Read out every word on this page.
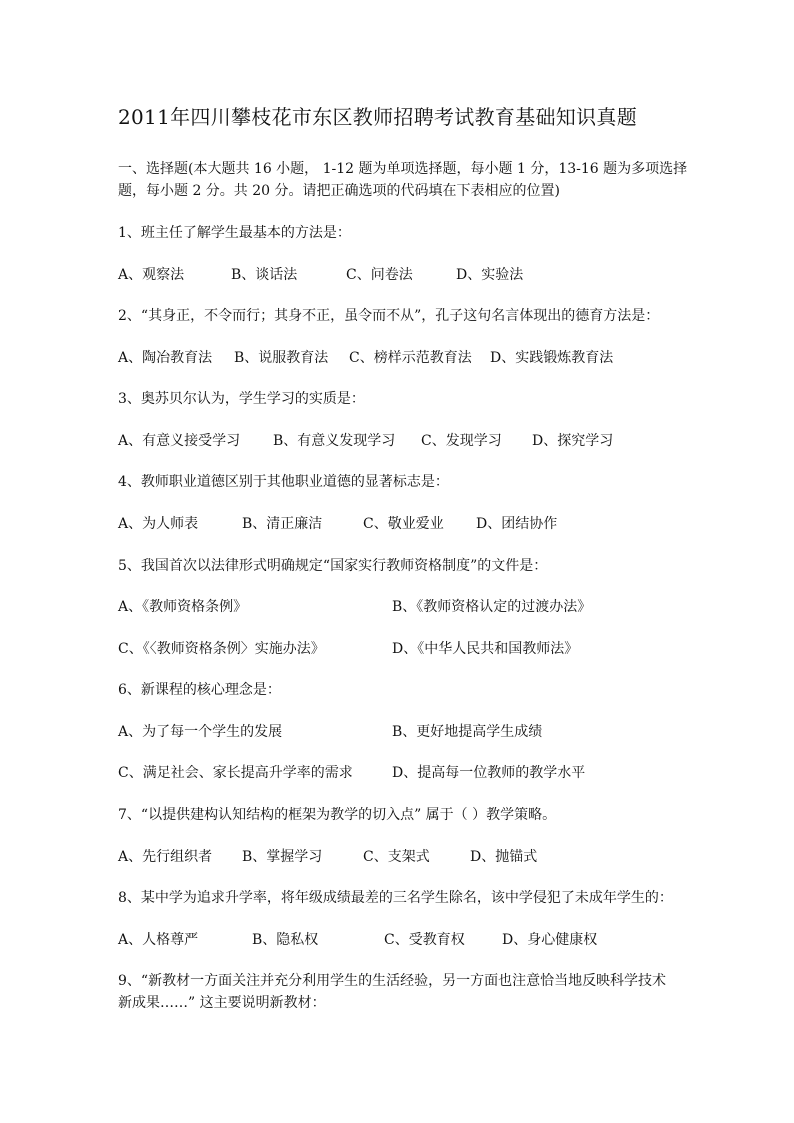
2011年四川攀枝花市东区教师招聘考试教育基础知识真题
一、选择题(本大题共 16 小题， 1-12 题为单项选择题，每小题 1 分，13-16 题为多项选择
题，每小题 2 分。共 20 分。请把正确选项的代码填在下表相应的位置)
1、班主任了解学生最基本的方法是：
A、观察法	B、谈话法	C、问卷法	D、实验法
2、“其身正，不令而行；其身不正，虽令而不从”，孔子这句名言体现出的德育方法是：
A、陶冶教育法 B、说服教育法 C、榜样示范教育法 D、实践锻炼教育法
3、奥苏贝尔认为，学生学习的实质是：
A、有意义接受学习 B、有意义发现学习 C、发现学习 D、探究学习
4、教师职业道德区别于其他职业道德的显著标志是：
A、为人师表	B、清正廉洁	C、敬业爱业 D、团结协作
5、我国首次以法律形式明确规定“国家实行教师资格制度”的文件是：
A、《教师资格条例》	B、《教师资格认定的过渡办法》
C、《〈教师资格条例〉实施办法》	D、《中华人民共和国教师法》
6、新课程的核心理念是：
A、为了每一个学生的发展	B、更好地提高学生成绩
C、满足社会、家长提高升学率的需求	D、提高每一位教师的教学水平
7、“以提供建构认知结构的框架为教学的切入点” 属于（ ）教学策略。
A、先行组织者 B、掌握学习	C、支架式	D、抛锚式
8、某中学为追求升学率，将年级成绩最差的三名学生除名，该中学侵犯了未成年学生的：
A、人格尊严	B、隐私权	C、受教育权	D、身心健康权
9、“新教材一方面关注并充分利用学生的生活经验，另一方面也注意恰当地反映科学技术
新成果……” 这主要说明新教材：
